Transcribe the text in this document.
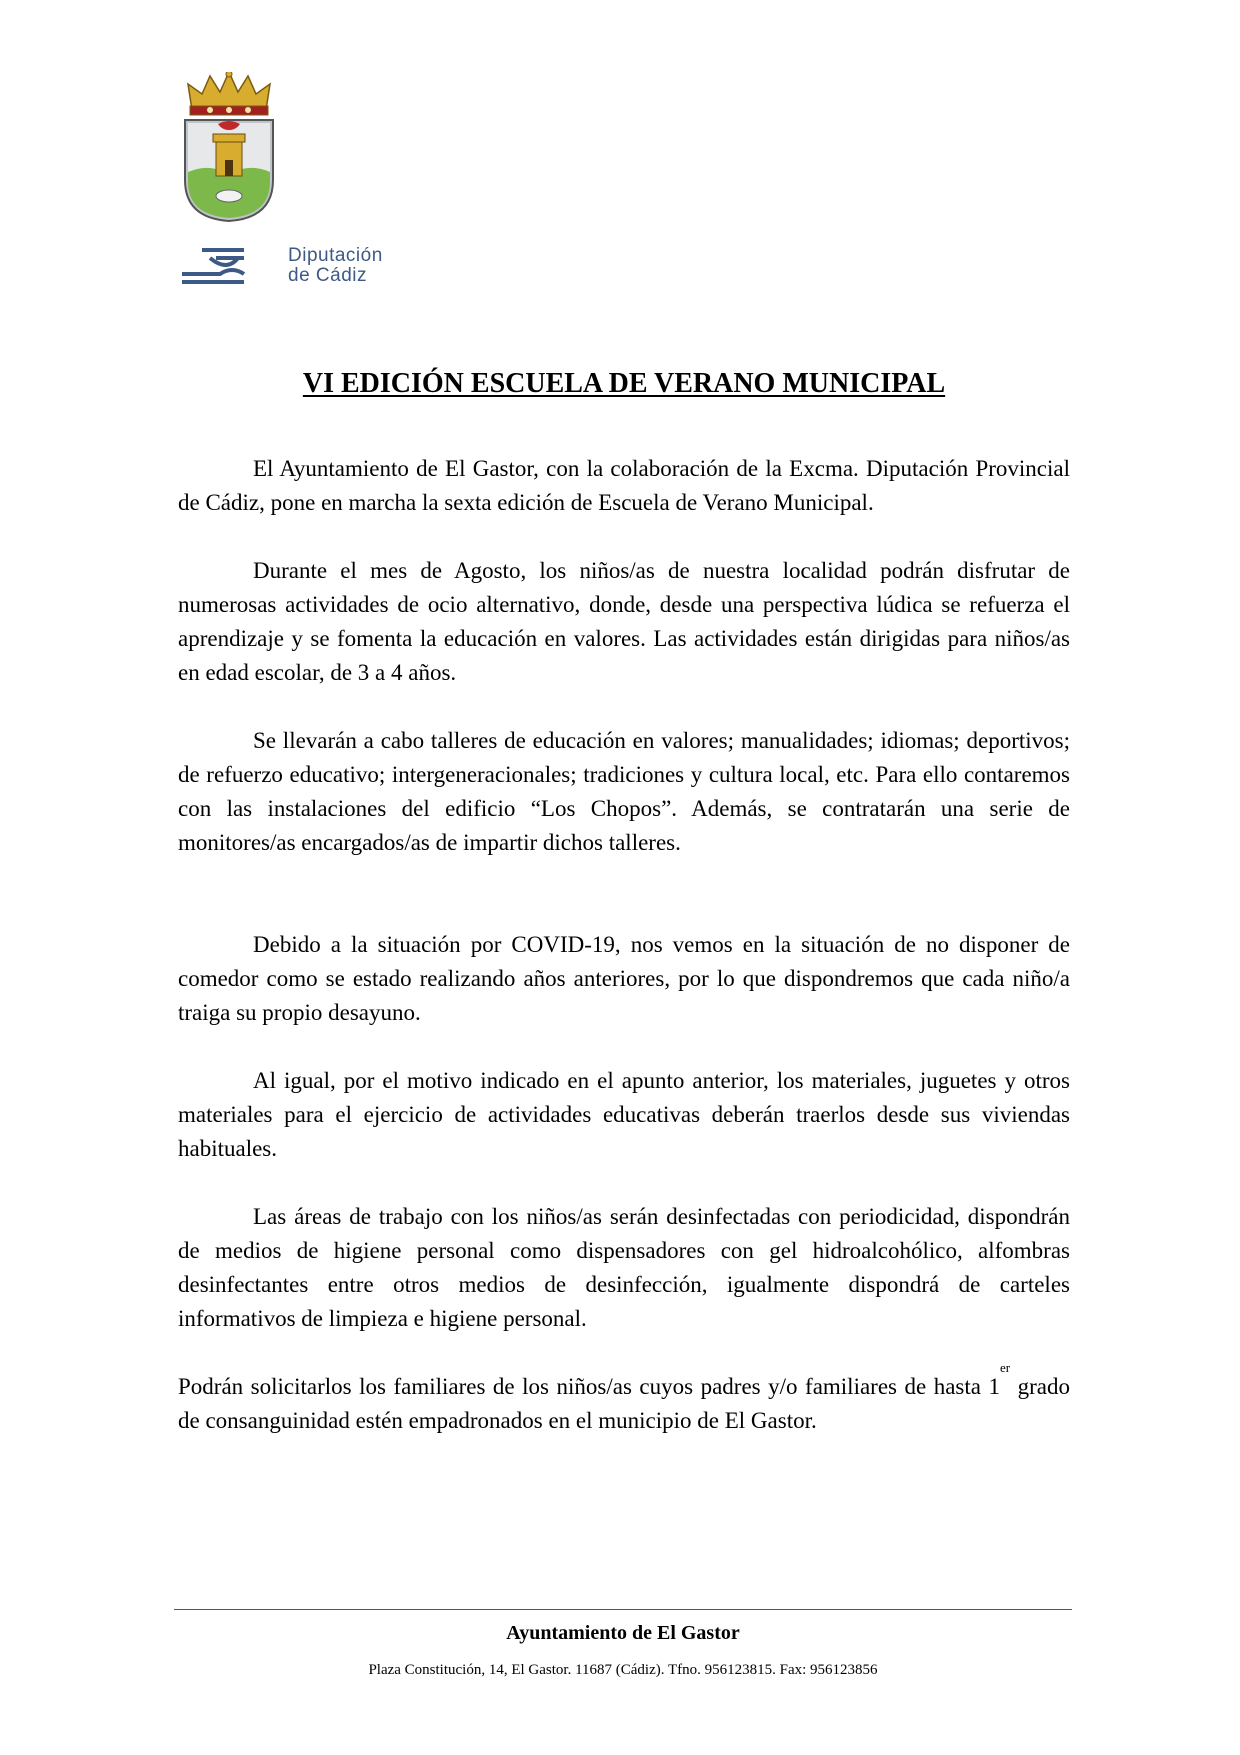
Diputación
de Cádiz
VI EDICIÓN ESCUELA DE VERANO MUNICIPAL

El Ayuntamiento de El Gastor, con la colaboración de la Excma. Diputación Provincial de Cádiz, pone en marcha la sexta edición de Escuela de Verano Municipal.

Durante el mes de Agosto, los niños/as de nuestra localidad podrán disfrutar de numerosas actividades de ocio alternativo, donde, desde una perspectiva lúdica se refuerza el aprendizaje y se fomenta la educación en valores. Las actividades están dirigidas para niños/as en edad escolar, de 3 a 4 años.

Se llevarán a cabo talleres de educación en valores; manualidades; idiomas; deportivos; de refuerzo educativo; intergeneracionales; tradiciones y cultura local, etc. Para ello contaremos con las instalaciones del edificio “Los Chopos”. Además, se contratarán una serie de monitores/as encargados/as de impartir dichos talleres.

Debido a la situación por COVID-19, nos vemos en la situación de no disponer de comedor como se estado realizando años anteriores, por lo que dispondremos que cada niño/a traiga su propio desayuno.

Al igual, por el motivo indicado en el apunto anterior, los materiales, juguetes y otros materiales para el ejercicio de actividades educativas deberán traerlos desde sus viviendas habituales.

Las áreas de trabajo con los niños/as serán desinfectadas con periodicidad, dispondrán de medios de higiene personal como dispensadores con gel hidroalcohólico, alfombras desinfectantes entre otros medios de desinfección, igualmente dispondrá de carteles informativos de limpieza e higiene personal.

Podrán solicitarlos los familiares de los niños/as cuyos padres y/o familiares de hasta 1er grado de consanguinidad estén empadronados en el municipio de El Gastor.

Ayuntamiento de El Gastor
Plaza Constitución, 14, El Gastor. 11687 (Cádiz). Tfno. 956123815. Fax: 956123856
